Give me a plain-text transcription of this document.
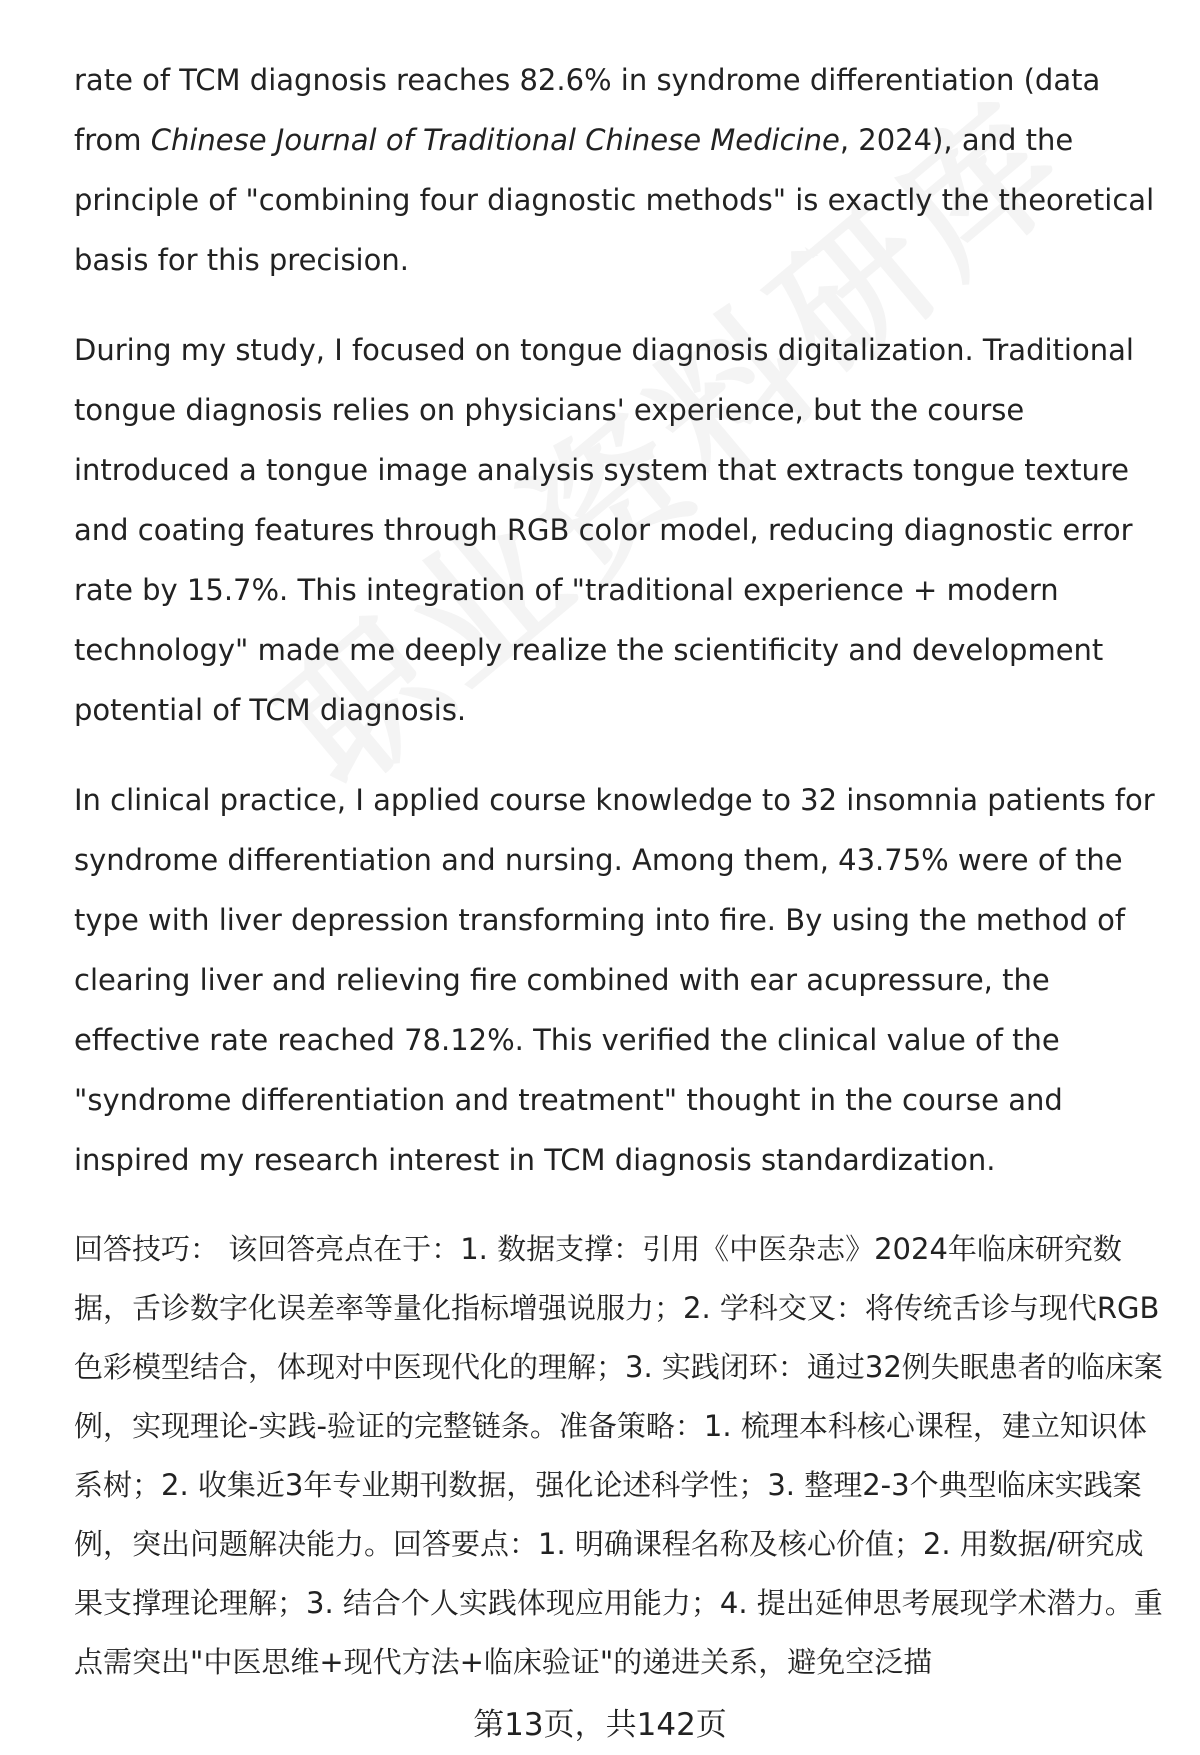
rate of TCM diagnosis reaches 82.6% in syndrome differentiation (data from Chinese Journal of Traditional Chinese Medicine, 2024), and the principle of "combining four diagnostic methods" is exactly the theoretical basis for this precision.

During my study, I focused on tongue diagnosis digitalization. Traditional tongue diagnosis relies on physicians' experience, but the course introduced a tongue image analysis system that extracts tongue texture and coating features through RGB color model, reducing diagnostic error rate by 15.7%. This integration of "traditional experience + modern technology" made me deeply realize the scientificity and development potential of TCM diagnosis.

In clinical practice, I applied course knowledge to 32 insomnia patients for syndrome differentiation and nursing. Among them, 43.75% were of the type with liver depression transforming into fire. By using the method of clearing liver and relieving fire combined with ear acupressure, the effective rate reached 78.12%. This verified the clinical value of the "syndrome differentiation and treatment" thought in the course and inspired my research interest in TCM diagnosis standardization.

回答技巧： 该回答亮点在于：1. 数据支撑：引用《中医杂志》2024年临床研究数据，舌诊数字化误差率等量化指标增强说服力；2. 学科交叉：将传统舌诊与现代RGB色彩模型结合，体现对中医现代化的理解；3. 实践闭环：通过32例失眠患者的临床案例，实现理论-实践-验证的完整链条。准备策略：1. 梳理本科核心课程，建立知识体系树；2. 收集近3年专业期刊数据，强化论述科学性；3. 整理2-3个典型临床实践案例，突出问题解决能力。回答要点：1. 明确课程名称及核心价值；2. 用数据/研究成果支撑理论理解；3. 结合个人实践体现应用能力；4. 提出延伸思考展现学术潜力。重点需突出"中医思维+现代方法+临床验证"的递进关系，避免空泛描

第13页，共142页
